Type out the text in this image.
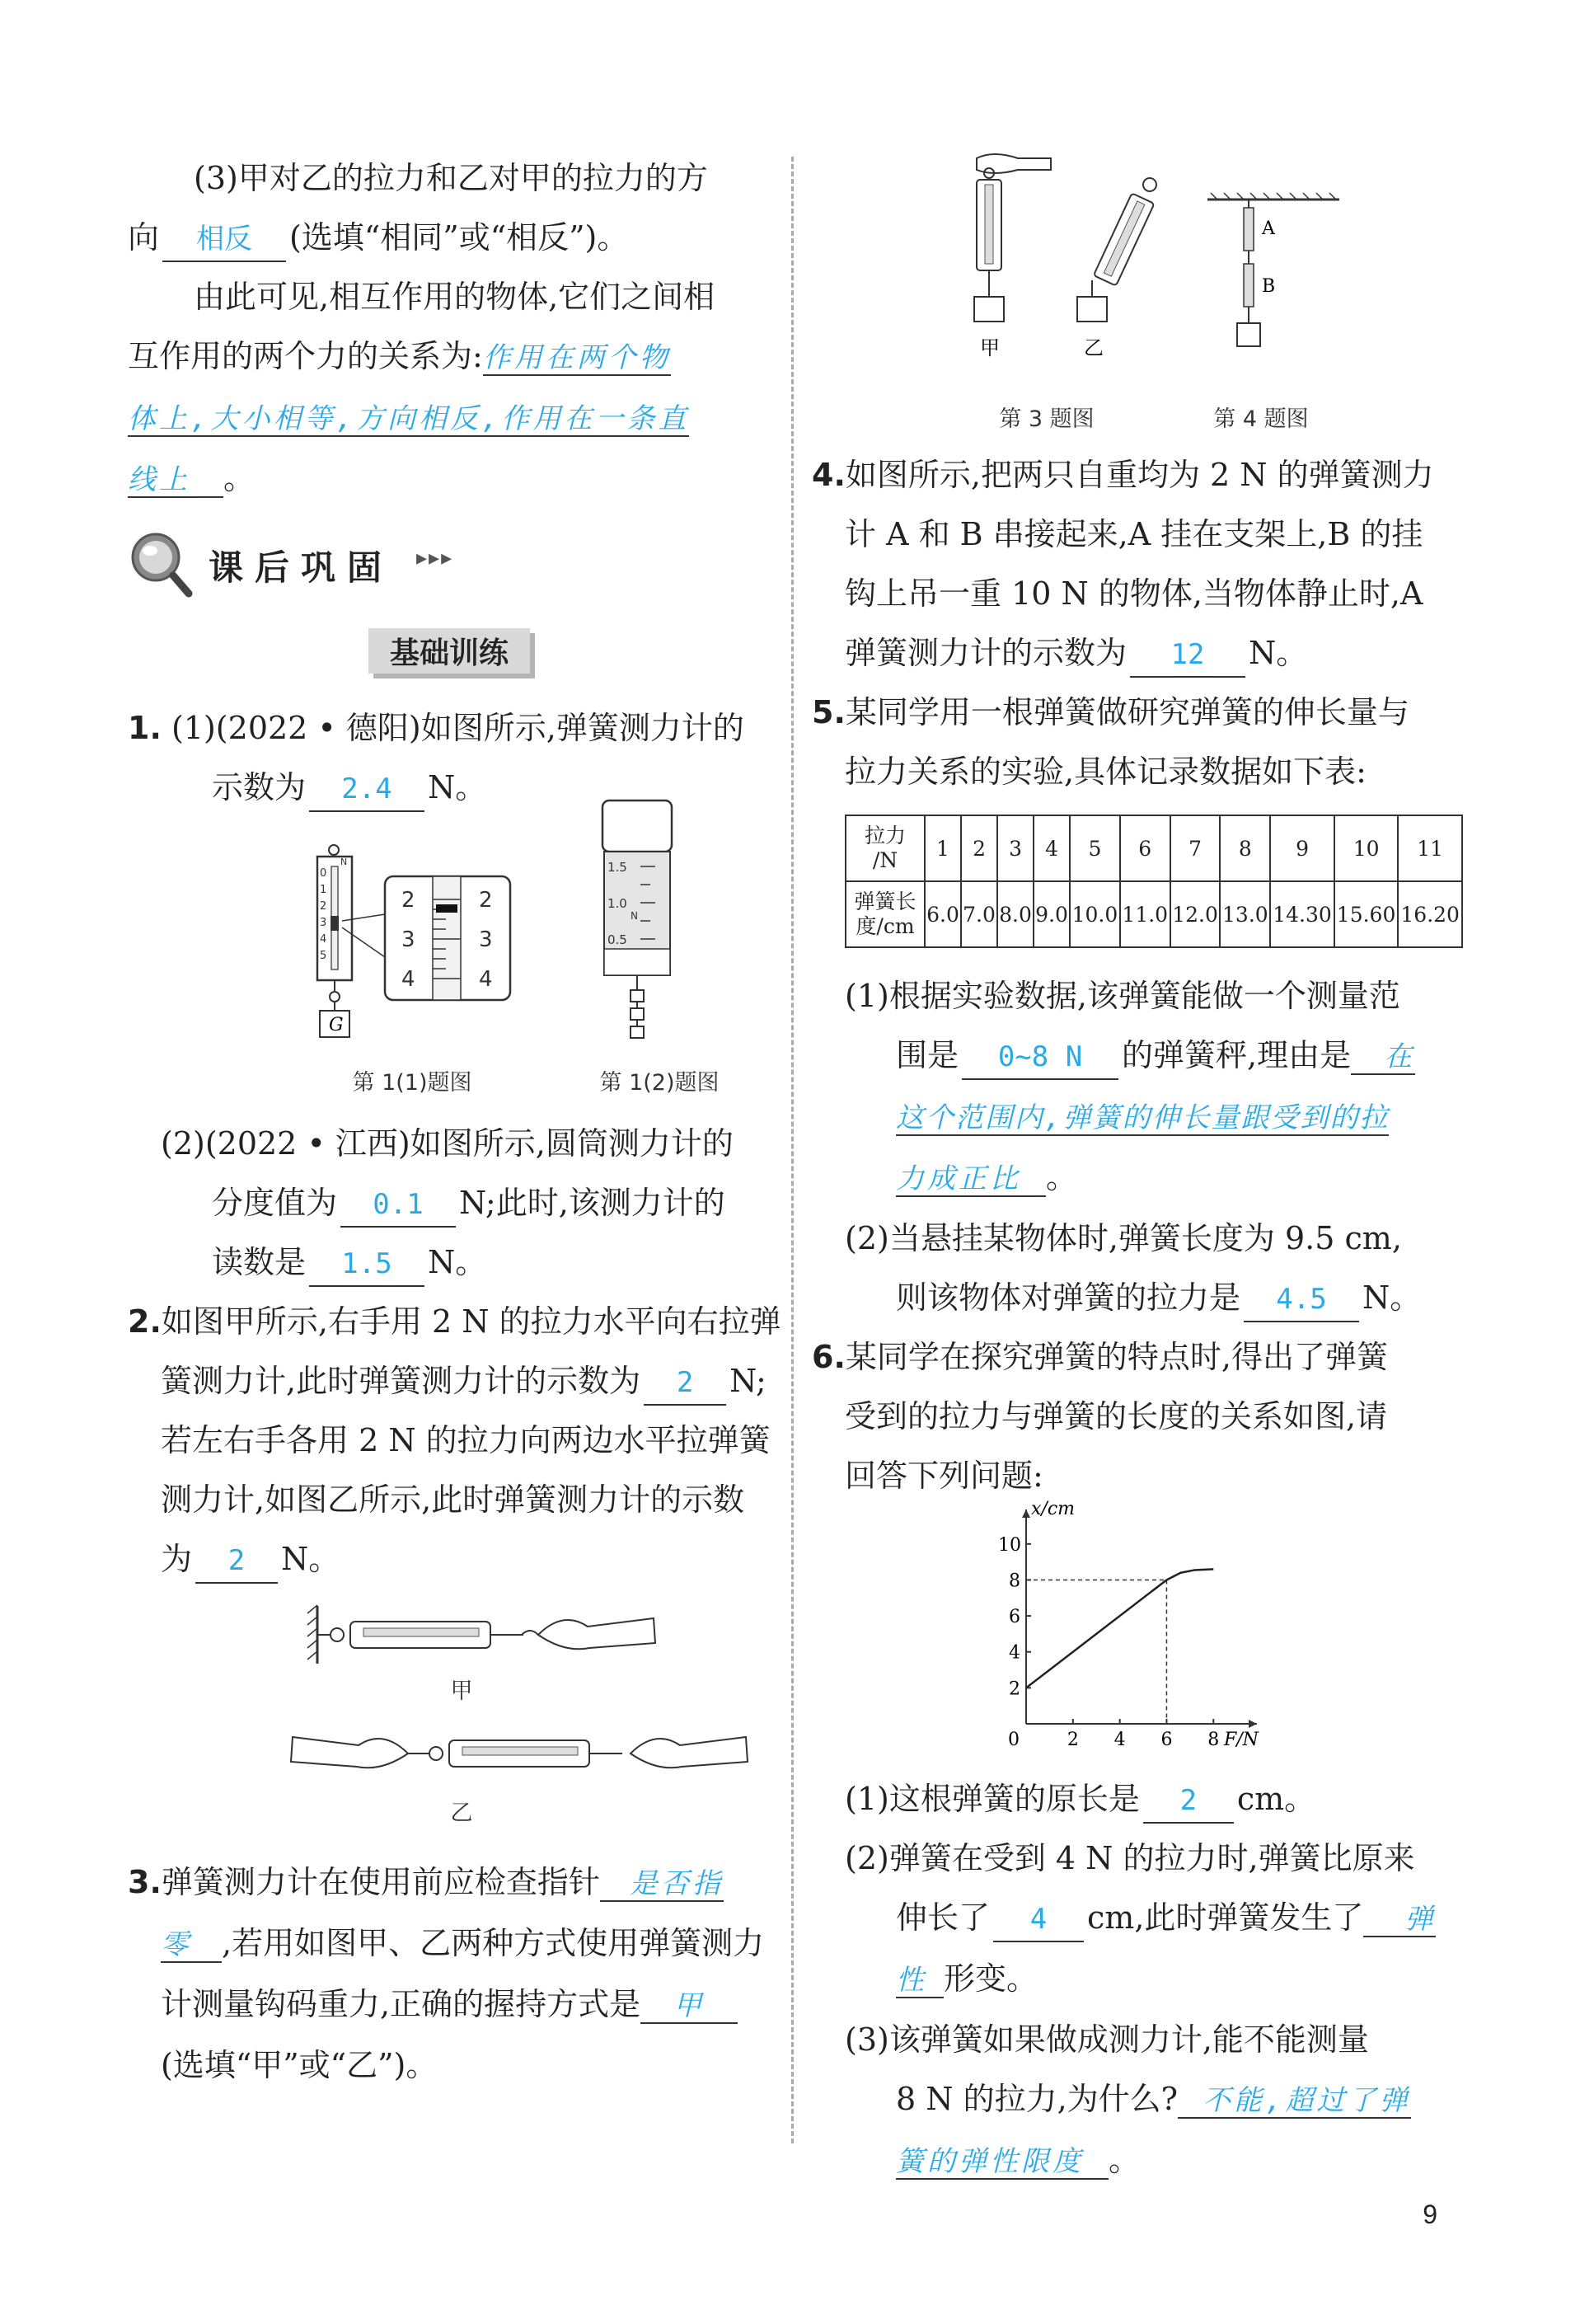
(3)甲对乙的拉力和乙对甲的拉力的方
向 相反 (选填“相同”或“相反”)。
由此可见,相互作用的物体,它们之间相
互作用的两个力的关系为:作用在两个物
体上,大小相等,方向相反,作用在一条直
线上 。
课后巩固 ▸▸▸
基础训练
1. (1)(2022 • 德阳)如图所示,弹簧测力计的
示数为 2.4 N。
0
1
2
3
4
5
N
G
2
3
4
2
3
4
1.5
1.0
0.5
N
第 1(1)题图	第 1(2)题图
(2)(2022 • 江西)如图所示,圆筒测力计的
分度值为 0.1 N;此时,该测力计的
读数是 1.5 N。
2.如图甲所示,右手用 2 N 的拉力水平向右拉弹
簧测力计,此时弹簧测力计的示数为 2 N;
若左右手各用 2 N 的拉力向两边水平拉弹簧
测力计,如图乙所示,此时弹簧测力计的示数
为 2 N。
甲
乙
3.弹簧测力计在使用前应检查指针 是否指
零 ,若用如图甲、乙两种方式使用弹簧测力
计测量钩码重力,正确的握持方式是 甲
(选填“甲”或“乙”)。
甲	乙
A
B
第 3 题图	第 4 题图
4.如图所示,把两只自重均为 2 N 的弹簧测力
计 A 和 B 串接起来,A 挂在支架上,B 的挂
钩上吊一重 10 N 的物体,当物体静止时,A
弹簧测力计的示数为 12 N。
5.某同学用一根弹簧做研究弹簧的伸长量与
拉力关系的实验,具体记录数据如下表:
拉力
/N	1	2	3	4	5	6	7	8	9	10	11
弹簧长
度/cm	6.0	7.0	8.0	9.0	10.0	11.0	12.0	13.0	14.30	15.60	16.20
(1)根据实验数据,该弹簧能做一个测量范
围是 0~8 N 的弹簧秤,理由是 在
这个范围内,弹簧的伸长量跟受到的拉
力成正比 。
(2)当悬挂某物体时,弹簧长度为 9.5 cm,
则该物体对弹簧的拉力是 4.5 N。
6.某同学在探究弹簧的特点时,得出了弹簧
受到的拉力与弹簧的长度的关系如图,请
回答下列问题:
0	2 4 6 8
2
4
6
8
10
x/cm
F/N
(1)这根弹簧的原长是 2 cm。
(2)弹簧在受到 4 N 的拉力时,弹簧比原来
伸长了 4 cm,此时弹簧发生了 弹
性 形变。
(3)该弹簧如果做成测力计,能不能测量
8 N 的拉力,为什么? 不能,超过了弹
簧的弹性限度 。
9
